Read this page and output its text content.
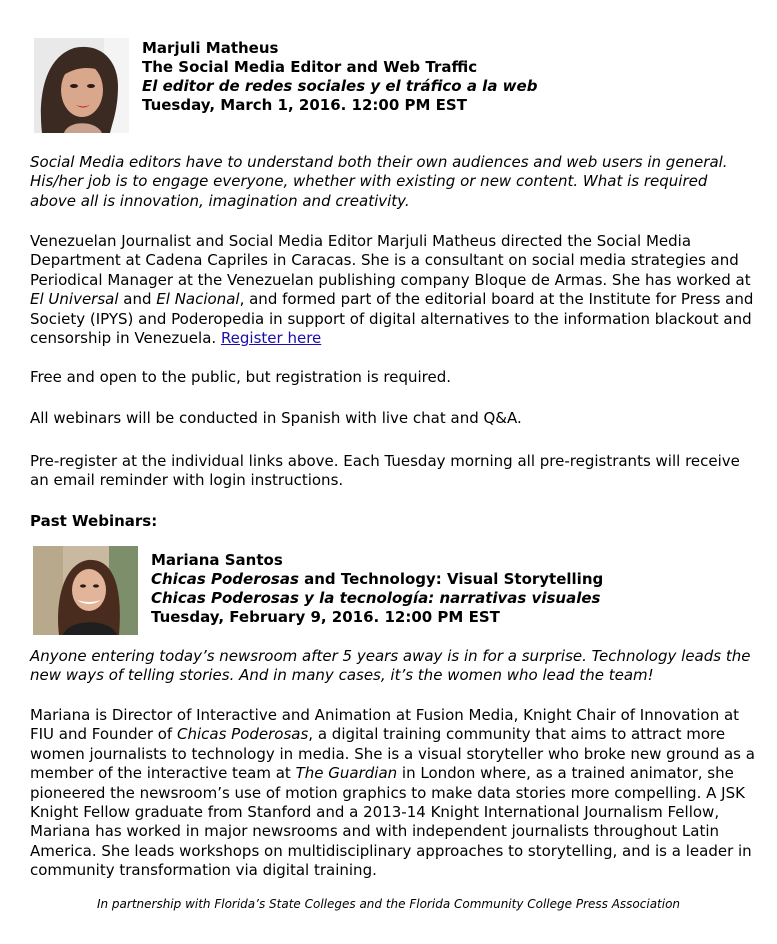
Marjuli Matheus
The Social Media Editor and Web Traffic
El editor de redes sociales y el tráfico a la web
Tuesday, March 1, 2016. 12:00 PM EST
Social Media editors have to understand both their own audiences and web users in general. His/her job is to engage everyone, whether with existing or new content. What is required above all is innovation, imagination and creativity.
Venezuelan Journalist and Social Media Editor Marjuli Matheus directed the Social Media Department at Cadena Capriles in Caracas. She is a consultant on social media strategies and Periodical Manager at the Venezuelan publishing company Bloque de Armas. She has worked at El Universal and El Nacional, and formed part of the editorial board at the Institute for Press and Society (IPYS) and Poderopedia in support of digital alternatives to the information blackout and censorship in Venezuela. Register here
Free and open to the public, but registration is required.
All webinars will be conducted in Spanish with live chat and Q&A.
Pre-register at the individual links above. Each Tuesday morning all pre-registrants will receive an email reminder with login instructions.
Past Webinars:
Mariana Santos
Chicas Poderosas and Technology: Visual Storytelling
Chicas Poderosas y la tecnología: narrativas visuales
Tuesday, February 9, 2016. 12:00 PM EST
Anyone entering today’s newsroom after 5 years away is in for a surprise. Technology leads the new ways of telling stories. And in many cases, it’s the women who lead the team!
Mariana is Director of Interactive and Animation at Fusion Media, Knight Chair of Innovation at FIU and Founder of Chicas Poderosas, a digital training community that aims to attract more women journalists to technology in media. She is a visual storyteller who broke new ground as a member of the interactive team at The Guardian in London where, as a trained animator, she pioneered the newsroom’s use of motion graphics to make data stories more compelling. A JSK Knight Fellow graduate from Stanford and a 2013-14 Knight International Journalism Fellow, Mariana has worked in major newsrooms and with independent journalists throughout Latin America. She leads workshops on multidisciplinary approaches to storytelling, and is a leader in community transformation via digital training.
In partnership with Florida’s State Colleges and the Florida Community College Press Association
